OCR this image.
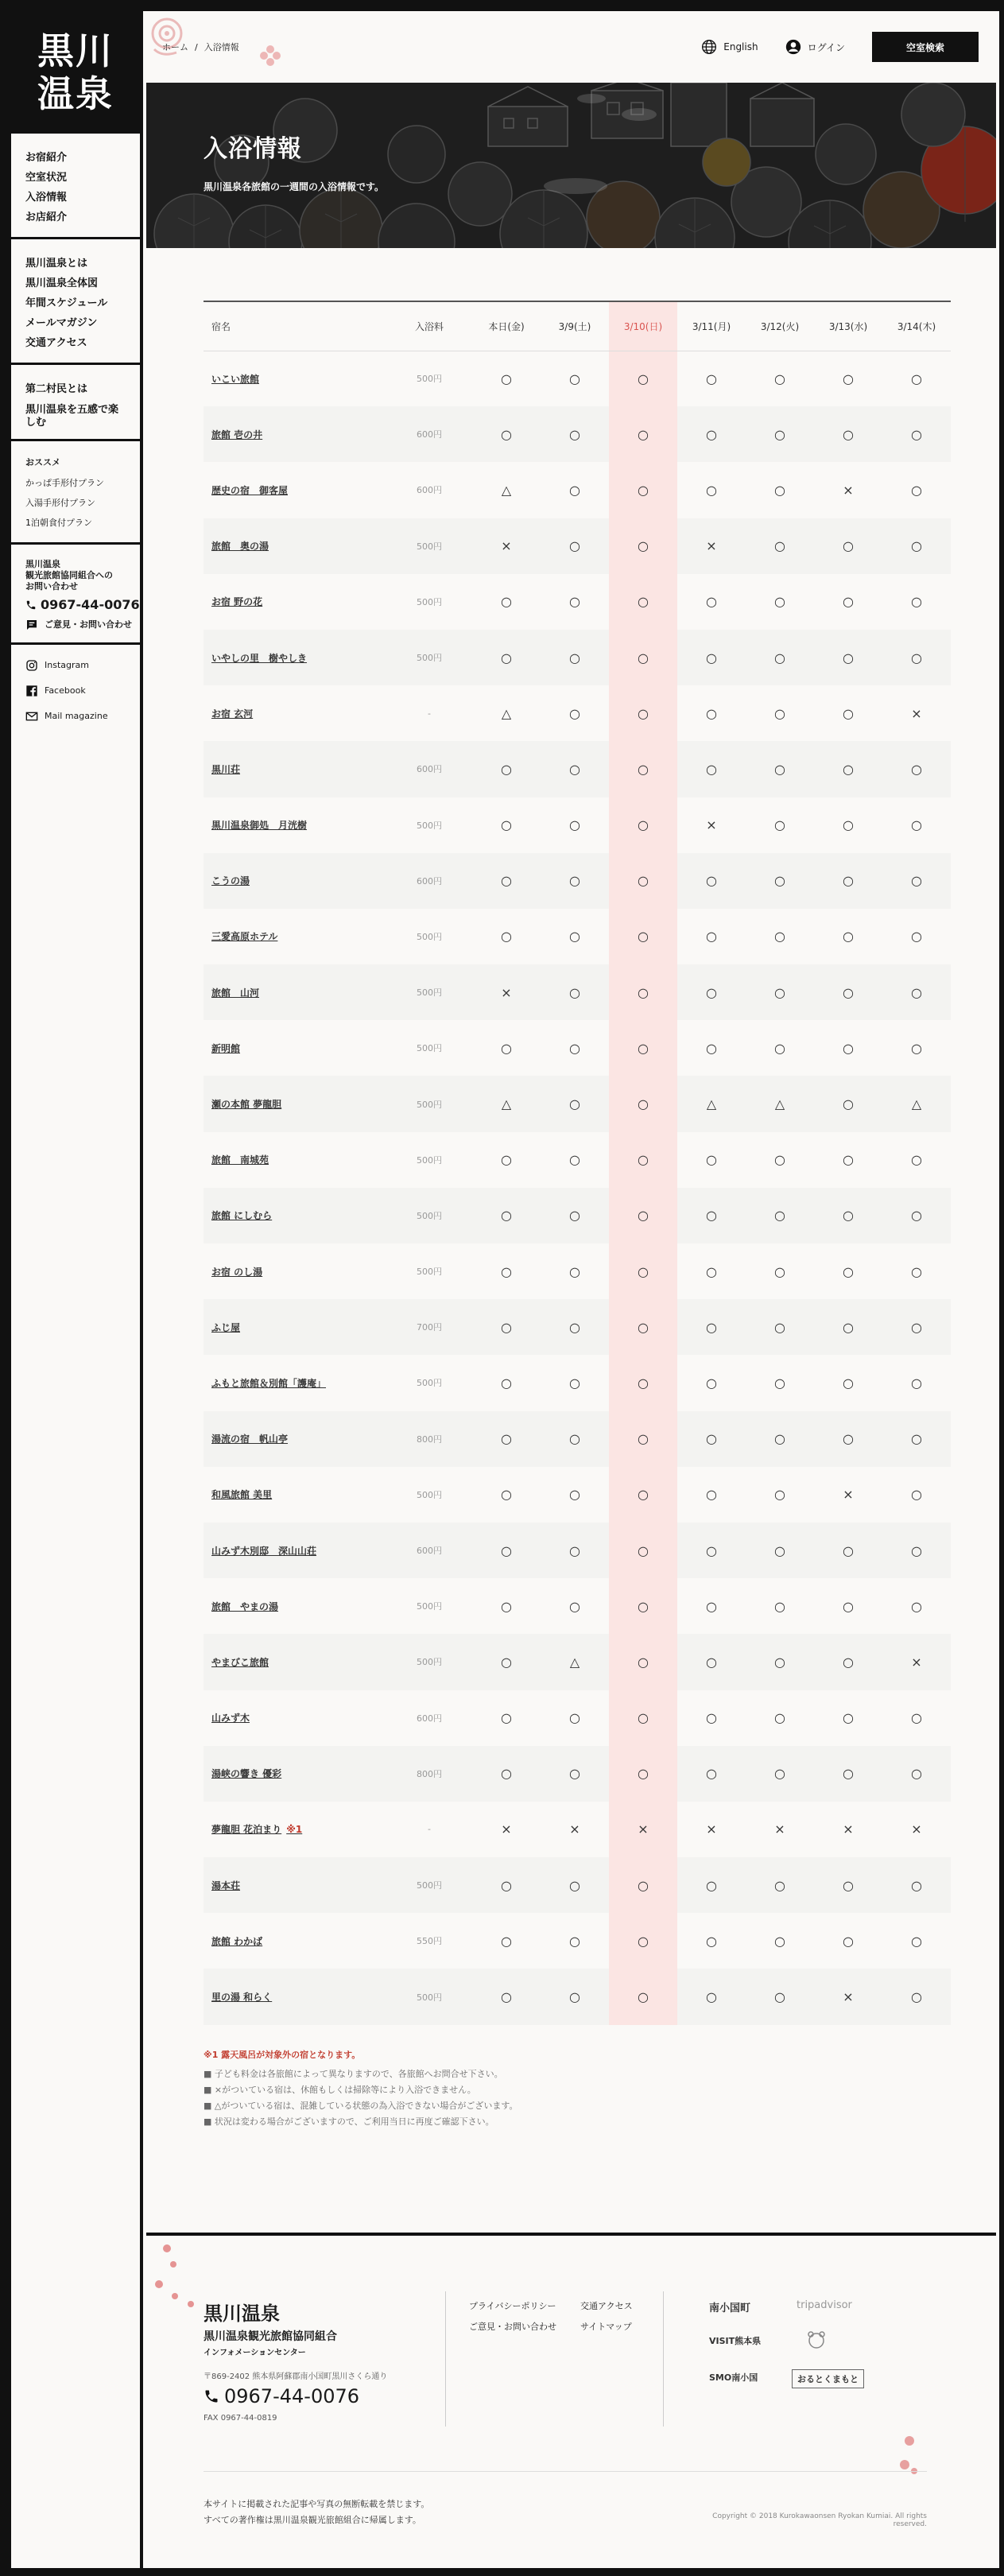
黒川
温泉
お宿紹介
空室状況
入浴情報
お店紹介
黒川温泉とは
黒川温泉全体図
年間スケジュール
メールマガジン
交通アクセス
第二村民とは
黒川温泉を五感で楽しむ
おススメ
かっぱ手形付プラン
入湯手形付プラン
1泊朝食付プラン
黒川温泉
観光旅館協同組合への
お問い合わせ
0967-44-0076
ご意見・お問い合わせ
Instagram
Facebook
Mail magazine
ホーム / 入浴情報	English	ログイン	空室検索
入浴情報

黒川温泉各旅館の一週間の入浴情報です。

宿名	入浴料	本日(金)	3/9(土)	3/10(日)	3/11(月)	3/12(火)	3/13(水)	3/14(木)
いこい旅館	500円	○	○	○	○	○	○	○
旅館 壱の井	600円	○	○	○	○	○	○	○
歴史の宿　御客屋	600円	△	○	○	○	○	×	○
旅館　奥の湯	500円	×	○	○	×	○	○	○
お宿 野の花	500円	○	○	○	○	○	○	○
いやしの里　樹やしき	500円	○	○	○	○	○	○	○
お宿 玄河	-	△	○	○	○	○	○	×
黒川荘	600円	○	○	○	○	○	○	○
黒川温泉御処　月洸樹	500円	○	○	○	×	○	○	○
こうの湯	600円	○	○	○	○	○	○	○
三愛高原ホテル	500円	○	○	○	○	○	○	○
旅館　山河	500円	×	○	○	○	○	○	○
新明館	500円	○	○	○	○	○	○	○
瀬の本館 夢龍胆	500円	△	○	○	△	△	○	△
旅館　南城苑	500円	○	○	○	○	○	○	○
旅館 にしむら	500円	○	○	○	○	○	○	○
お宿 のし湯	500円	○	○	○	○	○	○	○
ふじ屋	700円	○	○	○	○	○	○	○
ふもと旅館＆別館「護庵」	500円	○	○	○	○	○	○	○
湯流の宿　帆山亭	800円	○	○	○	○	○	○	○
和風旅館 美里	500円	○	○	○	○	○	×	○
山みず木別邸　深山山荘	600円	○	○	○	○	○	○	○
旅館　やまの湯	500円	○	○	○	○	○	○	○
やまびこ旅館	500円	○	△	○	○	○	○	×
山みず木	600円	○	○	○	○	○	○	○
湯峡の響き 優彩	800円	○	○	○	○	○	○	○
夢龍胆 花泊まり ※1	-	×	×	×	×	×	×	×
湯本荘	500円	○	○	○	○	○	○	○
旅館 わかば	550円	○	○	○	○	○	○	○
里の湯 和らく	500円	○	○	○	○	○	×	○
※1 露天風呂が対象外の宿となります。
■ 子ども料金は各旅館によって異なりますので、各旅館へお問合せ下さい。
■ ×がついている宿は、休館もしくは掃除等により入浴できません。
■ △がついている宿は、混雑している状態の為入浴できない場合がございます。
■ 状況は変わる場合がございますので、ご利用当日に再度ご確認下さい。
黒川温泉
黒川温泉観光旅館協同組合
インフォメーションセンター
〒869-2402 熊本県阿蘇郡南小国町黒川さくら通り
0967-44-0076
FAX 0967-44-0819
プライバシーポリシー
ご意見・お問い合わせ
交通アクセス
サイトマップ
南小国町	tripadvisor
VISIT熊本県
SMO南小国	おるとくまもと
本サイトに掲載された記事や写真の無断転載を禁じます。
すべての著作権は黒川温泉観光旅館組合に帰属します。	Copyright © 2018 Kurokawaonsen Ryokan Kumiai. All rights reserved.
